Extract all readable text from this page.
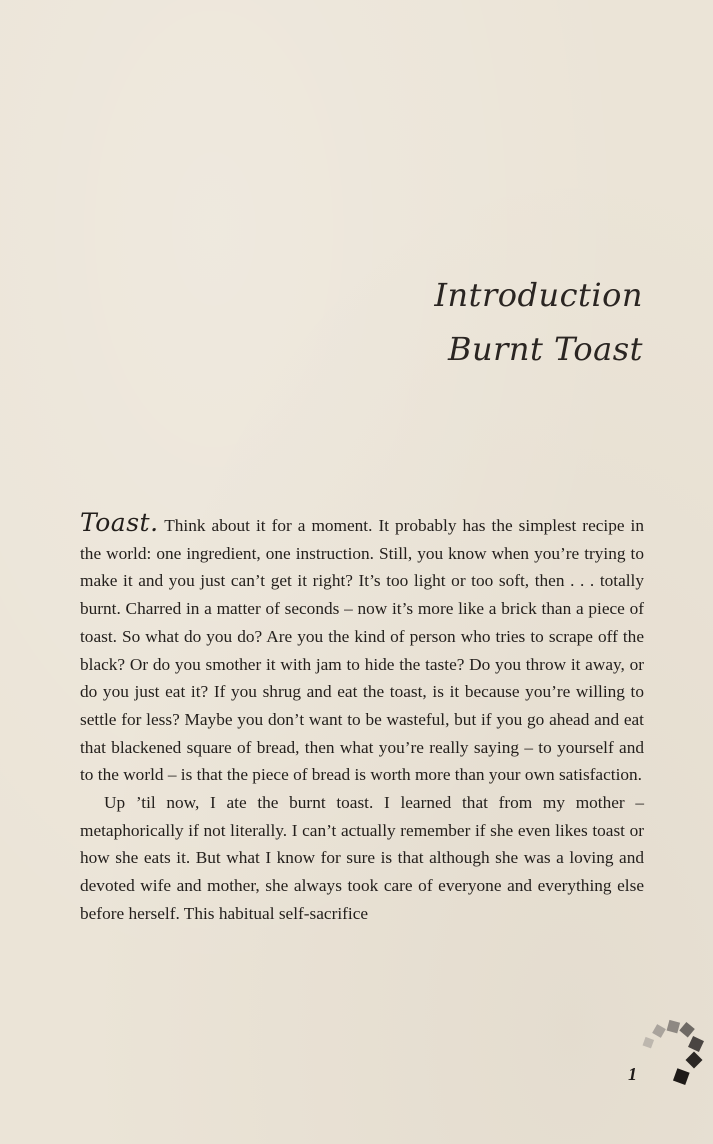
Introduction
Burnt Toast

Toast. Think about it for a moment. It probably has the simplest recipe in the world: one ingredient, one instruction. Still, you know when you’re trying to make it and you just can’t get it right? It’s too light or too soft, then . . . totally burnt. Charred in a matter of seconds – now it’s more like a brick than a piece of toast. So what do you do? Are you the kind of person who tries to scrape off the black? Or do you smother it with jam to hide the taste? Do you throw it away, or do you just eat it? If you shrug and eat the toast, is it because you’re willing to settle for less? Maybe you don’t want to be wasteful, but if you go ahead and eat that blackened square of bread, then what you’re really saying – to yourself and to the world – is that the piece of bread is worth more than your own satisfaction.

Up ’til now, I ate the burnt toast. I learned that from my mother – metaphorically if not literally. I can’t actually remember if she even likes toast or how she eats it. But what I know for sure is that although she was a loving and devoted wife and mother, she always took care of everyone and everything else before herself. This habitual self-sacrifice

1
